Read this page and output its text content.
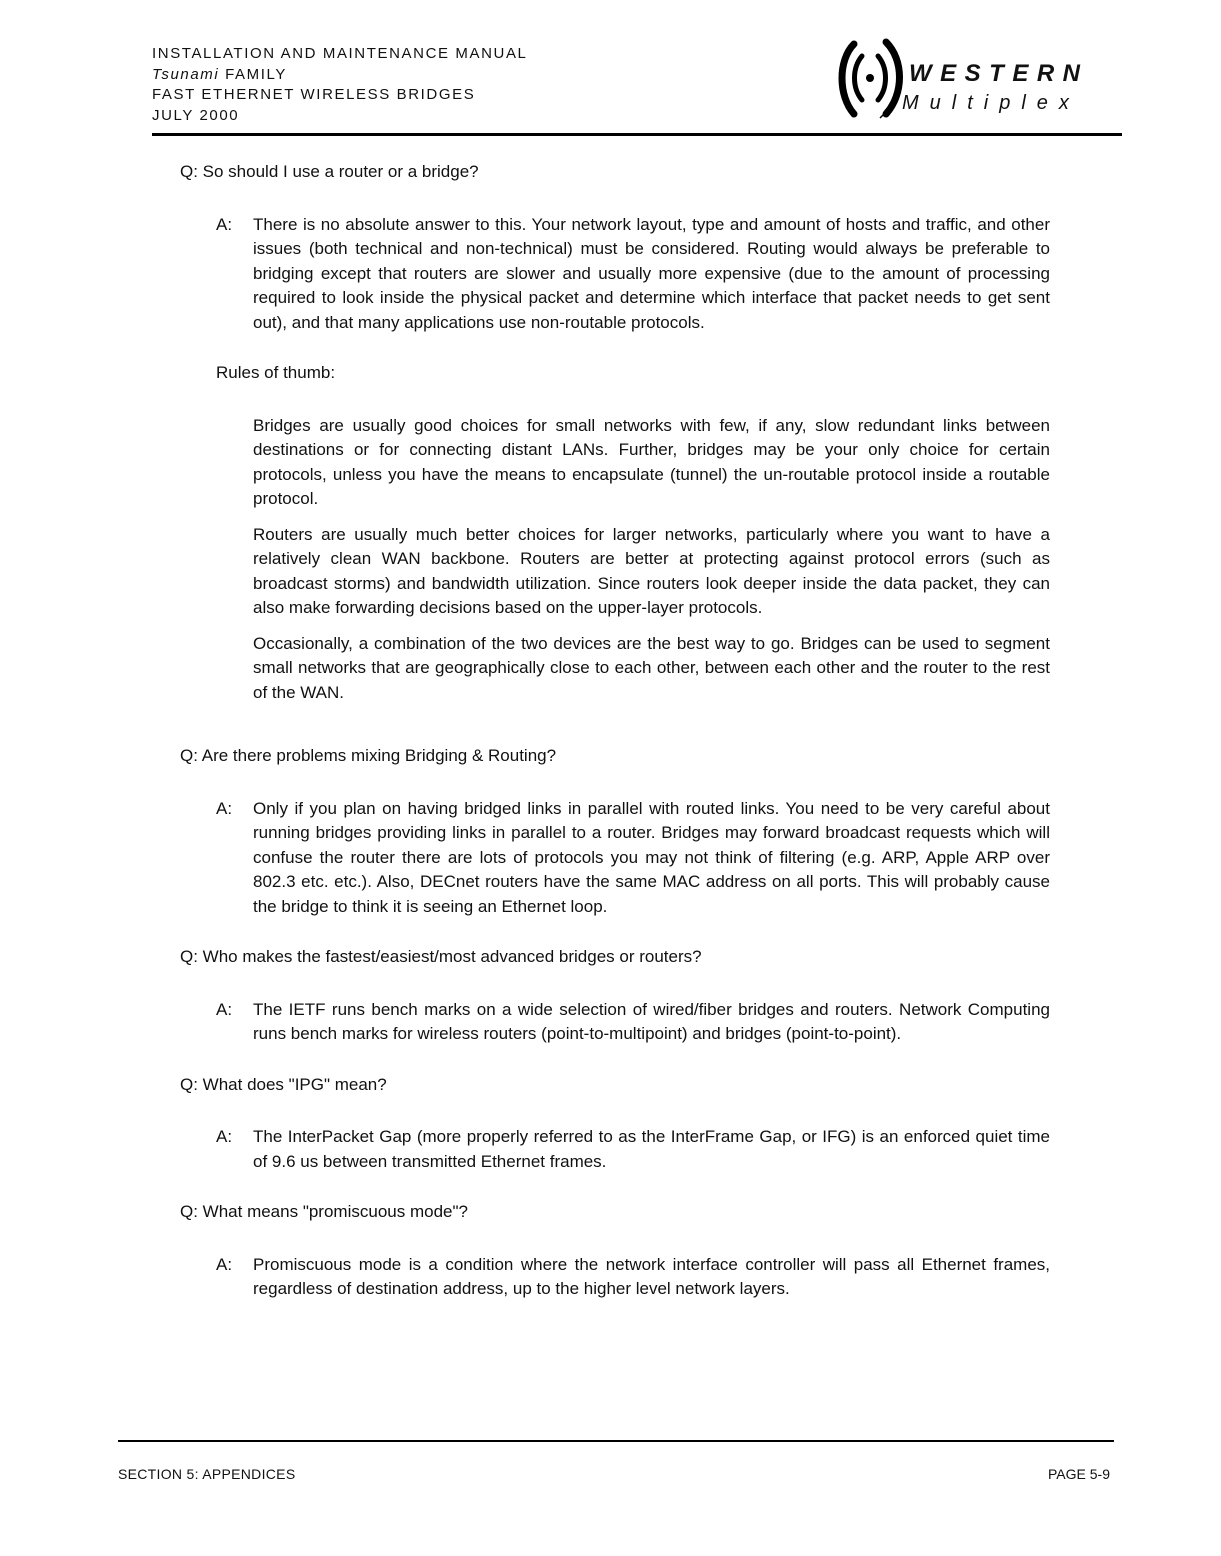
INSTALLATION AND MAINTENANCE MANUAL
Tsunami FAMILY
FAST ETHERNET WIRELESS BRIDGES
JULY 2000
WESTERN
Multiplex

Q: So should I use a router or a bridge?

A: There is no absolute answer to this. Your network layout, type and amount of hosts and traffic, and other issues (both technical and non-technical) must be considered. Routing would always be preferable to bridging except that routers are slower and usually more expensive (due to the amount of processing required to look inside the physical packet and determine which interface that packet needs to get sent out), and that many applications use non-routable protocols.

Rules of thumb:

Bridges are usually good choices for small networks with few, if any, slow redundant links between destinations or for connecting distant LANs. Further, bridges may be your only choice for certain protocols, unless you have the means to encapsulate (tunnel) the un-routable protocol inside a routable protocol.

Routers are usually much better choices for larger networks, particularly where you want to have a relatively clean WAN backbone. Routers are better at protecting against protocol errors (such as broadcast storms) and bandwidth utilization. Since routers look deeper inside the data packet, they can also make forwarding decisions based on the upper-layer protocols.

Occasionally, a combination of the two devices are the best way to go. Bridges can be used to segment small networks that are geographically close to each other, between each other and the router to the rest of the WAN.

Q: Are there problems mixing Bridging & Routing?

A: Only if you plan on having bridged links in parallel with routed links. You need to be very careful about running bridges providing links in parallel to a router. Bridges may forward broadcast requests which will confuse the router there are lots of protocols you may not think of filtering (e.g. ARP, Apple ARP over 802.3 etc. etc.). Also, DECnet routers have the same MAC address on all ports. This will probably cause the bridge to think it is seeing an Ethernet loop.

Q: Who makes the fastest/easiest/most advanced bridges or routers?

A: The IETF runs bench marks on a wide selection of wired/fiber bridges and routers. Network Computing runs bench marks for wireless routers (point-to-multipoint) and bridges (point-to-point).

Q: What does "IPG" mean?

A: The InterPacket Gap (more properly referred to as the InterFrame Gap, or IFG) is an enforced quiet time of 9.6 us between transmitted Ethernet frames.

Q: What means "promiscuous mode"?

A: Promiscuous mode is a condition where the network interface controller will pass all Ethernet frames, regardless of destination address, up to the higher level network layers.
SECTION 5: APPENDICES	PAGE 5-9
